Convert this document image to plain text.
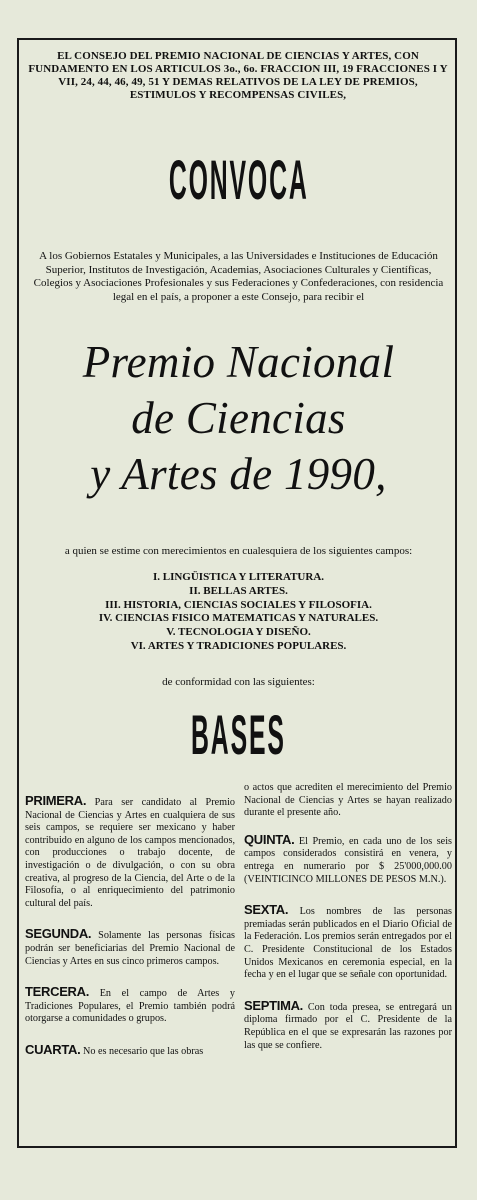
EL CONSEJO DEL PREMIO NACIONAL DE CIENCIAS Y ARTES, CON FUNDAMENTO EN LOS ARTICULOS 3o., 6o. FRACCION III, 19 FRACCIONES I Y VII, 24, 44, 46, 49, 51 Y DEMAS RELATIVOS DE LA LEY DE PREMIOS, ESTIMULOS Y RECOMPENSAS CIVILES,
CONVOCA
A los Gobiernos Estatales y Municipales, a las Universidades e Instituciones de Educación Superior, Institutos de Investigación, Academias, Asociaciones Culturales y Científicas, Colegios y Asociaciones Profesionales y sus Federaciones y Confederaciones, con residencia legal en el país, a proponer a este Consejo, para recibir el
Premio Nacional
de Ciencias
y Artes de 1990,
a quien se estime con merecimientos en cualesquiera de los siguientes campos:
I. LINGÜISTICA Y LITERATURA.
II. BELLAS ARTES.
III. HISTORIA, CIENCIAS SOCIALES Y FILOSOFIA.
IV. CIENCIAS FISICO MATEMATICAS Y NATURALES.
V. TECNOLOGIA Y DISEÑO.
VI. ARTES Y TRADICIONES POPULARES.
de conformidad con las siguientes:
BASES

PRIMERA. Para ser candidato al Premio Nacional de Ciencias y Artes en cualquiera de sus seis campos, se requiere ser mexicano y haber contribuido en alguno de los campos mencionados, con producciones o trabajo docente, de investigación o de divulgación, o con su obra creativa, al progreso de la Ciencia, del Arte o de la Filosofía, o al enriquecimiento del patrimonio cultural del país.

SEGUNDA. Solamente las personas físicas podrán ser beneficiarias del Premio Nacional de Ciencias y Artes en sus cinco primeros campos.

TERCERA. En el campo de Artes y Tradiciones Populares, el Premio también podrá otorgarse a comunidades o grupos.

CUARTA. No es necesario que las obras

o actos que acrediten el merecimiento del Premio Nacional de Ciencias y Artes se hayan realizado durante el presente año.

QUINTA. El Premio, en cada uno de los seis campos considerados consistirá en venera, y entrega en numerario por $ 25'000,000.00 (VEINTICINCO MILLONES DE PESOS M.N.).

SEXTA. Los nombres de las personas premiadas serán publicados en el Diario Oficial de la Federación. Los premios serán entregados por el C. Presidente Constitucional de los Estados Unidos Mexicanos en ceremonia especial, en la fecha y en el lugar que se señale con oportunidad.

SEPTIMA. Con toda presea, se entregará un diploma firmado por el C. Presidente de la República en el que se expresarán las razones por las que se confiere.
